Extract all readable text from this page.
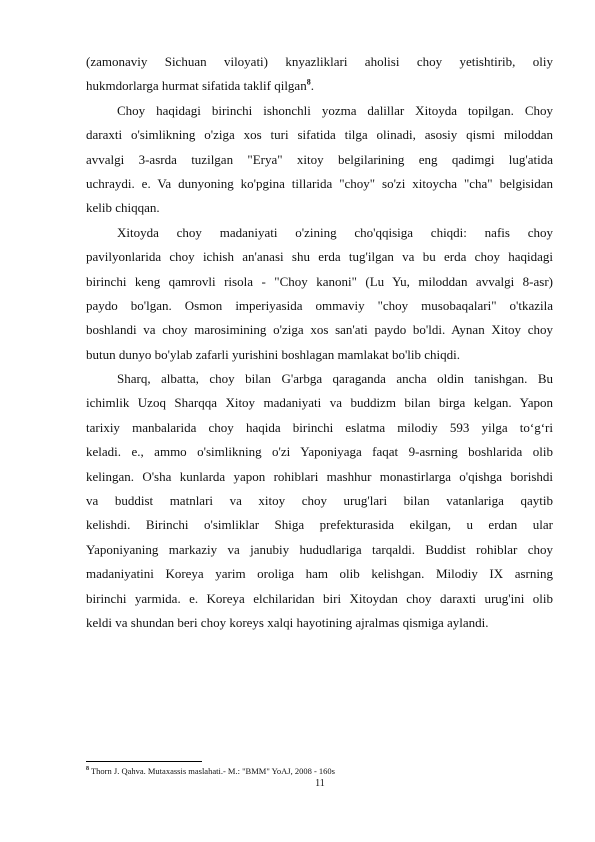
(zamonaviy Sichuan viloyati) knyazliklari aholisi choy yetishtirib, oliy
hukmdorlarga hurmat sifatida taklif qilgan$^8$.
Choy haqidagi birinchi ishonchli yozma dalillar Xitoyda topilgan. Choy
daraxti o'simlikning o'ziga xos turi sifatida tilga olinadi, asosiy qismi miloddan
avvalgi 3-asrda tuzilgan "Erya" xitoy belgilarining eng qadimgi lug'atida
uchraydi. e. Va dunyoning ko'pgina tillarida "choy" so'zi xitoycha "cha" belgisidan
kelib chiqqan.
Xitoyda choy madaniyati o'zining cho'qqisiga chiqdi: nafis choy
pavilyonlarida choy ichish an'anasi shu erda tug'ilgan va bu erda choy haqidagi
birinchi keng qamrovli risola - "Choy kanoni" (Lu Yu, miloddan avvalgi 8-asr)
paydo bo'lgan. Osmon imperiyasida ommaviy "choy musobaqalari" o'tkazila
boshlandi va choy marosimining o'ziga xos san'ati paydo bo'ldi. Aynan Xitoy choy
butun dunyo bo'ylab zafarli yurishini boshlagan mamlakat bo'lib chiqdi.
Sharq, albatta, choy bilan G'arbga qaraganda ancha oldin tanishgan. Bu
ichimlik Uzoq Sharqqa Xitoy madaniyati va buddizm bilan birga kelgan. Yapon
tarixiy manbalarida choy haqida birinchi eslatma milodiy 593 yilga to‘g‘ri
keladi. e., ammo o'simlikning o'zi Yaponiyaga faqat 9-asrning boshlarida olib
kelingan. O'sha kunlarda yapon rohiblari mashhur monastirlarga o'qishga borishdi
va buddist matnlari va xitoy choy urug'lari bilan vatanlariga qaytib
kelishdi. Birinchi o'simliklar Shiga prefekturasida ekilgan, u erdan ular
Yaponiyaning markaziy va janubiy hududlariga tarqaldi. Buddist rohiblar choy
madaniyatini Koreya yarim oroliga ham olib kelishgan. Milodiy IX asrning
birinchi yarmida. e. Koreya elchilaridan biri Xitoydan choy daraxti urug'ini olib
keldi va shundan beri choy koreys xalqi hayotining ajralmas qismiga aylandi.
$^8$ Thorn J. Qahva. Mutaxassis maslahati.- M.: "BMM" YoAJ, 2008 - 160s
11
